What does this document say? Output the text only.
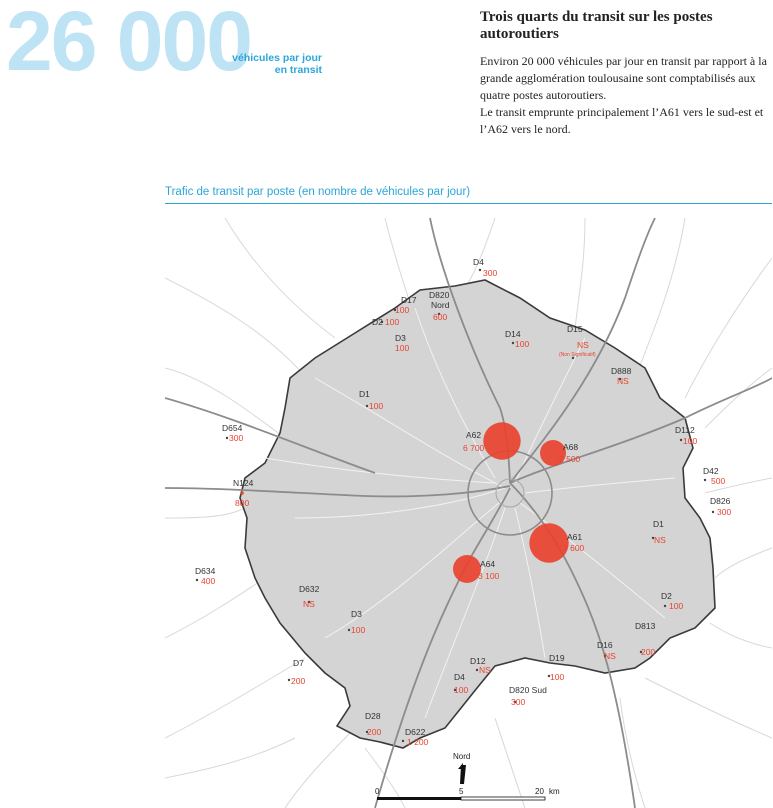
26 000
véhicules par jour
en transit
Trois quarts du transit sur les postes autoroutiers

Environ 20 000 véhicules par jour en transit par rapport à la grande agglomération toulousaine sont comptabilisés aux quatre postes autoroutiers.

Le transit emprunte principalement l’A61 vers le sud-est et l’A62 vers le nord.

Trafic de transit par poste (en nombre de véhicules par jour)
D4
300
D820
Nord
600
D17
100
D2 100
D3
100
D14
100
D15
NS
(Non Significatif)
D888
NS
D1
100
D654
300	A62
6 700	A68
2 500
D112
100
N124
800
D42
500
D826
300
D1
NS
A61
7 600
D634
400
A64
3 100
D632
NS
D2
100
D3
100	D813
200
D16
NS
D7
200
D12
NS
D19
100
D4
100	D820 Sud
300
D28
200	D622
1 200
Nord
0	5	20 km
